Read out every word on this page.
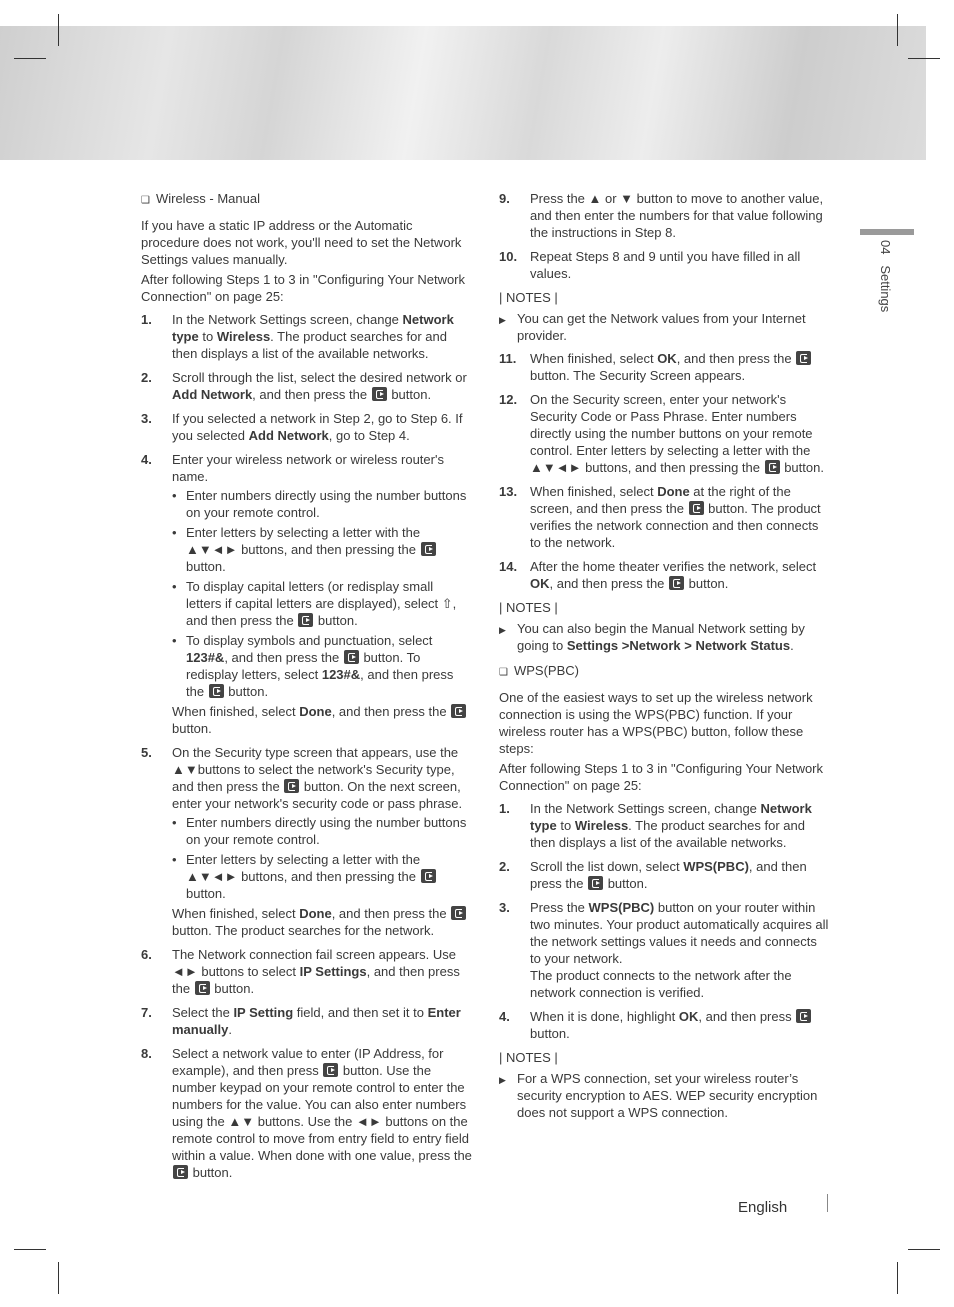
❑ Wireless - Manual

If you have a static IP address or the Automatic procedure does not work, you'll need to set the Network Settings values manually.

After following Steps 1 to 3 in "Configuring Your Network Connection" on page 25:

1.	In the Network Settings screen, change Network type to Wireless. The product searches for and then displays a list of the available networks.
2.	Scroll through the list, select the desired network or Add Network, and then press the  button.
3.	If you selected a network in Step 2, go to Step 6. If you selected Add Network, go to Step 4.
4.	Enter your wireless network or wireless router's name.
• Enter numbers directly using the number buttons on your remote control.
• Enter letters by selecting a letter with the ▲▼◄► buttons, and then pressing the  button.
• To display capital letters (or redisplay small letters if capital letters are displayed), select ⇧, and then press the  button.
• To display symbols and punctuation, select 123#&, and then press the  button. To redisplay letters, select 123#&, and then press the  button.
When finished, select Done, and then press the  button.
5.	On the Security type screen that appears, use the ▲▼buttons to select the network's Security type, and then press the  button. On the next screen, enter your network's security code or pass phrase.
• Enter numbers directly using the number buttons on your remote control.
• Enter letters by selecting a letter with the ▲▼◄► buttons, and then pressing the  button.
When finished, select Done, and then press the  button. The product searches for the network.
6.	The Network connection fail screen appears. Use ◄► buttons to select IP Settings, and then press the  button.
7.	Select the IP Setting field, and then set it to Enter manually.
8.	Select a network value to enter (IP Address, for example), and then press  button. Use the number keypad on your remote control to enter the numbers for the value. You can also enter numbers using the ▲▼ buttons. Use the ◄► buttons on the remote control to move from entry field to entry field within a value. When done with one value, press the  button.
9.	Press the ▲ or ▼ button to move to another value, and then enter the numbers for that value following the instructions in Step 8.
10. Repeat Steps 8 and 9 until you have filled in all values.
| NOTES |
▶ You can get the Network values from your Internet provider.
11.	When finished, select OK, and then press the  button. The Security Screen appears.
12. On the Security screen, enter your network's Security Code or Pass Phrase. Enter numbers directly using the number buttons on your remote control. Enter letters by selecting a letter with the ▲▼◄► buttons, and then pressing the  button.
13. When finished, select Done at the right of the screen, and then press the  button. The product verifies the network connection and then connects to the network.
14. After the home theater verifies the network, select OK, and then press the  button.
| NOTES |
▶ You can also begin the Manual Network setting by going to Settings >Network > Network Status.
❑ WPS(PBC)

One of the easiest ways to set up the wireless network connection is using the WPS(PBC) function. If your wireless router has a WPS(PBC) button, follow these steps:

After following Steps 1 to 3 in "Configuring Your Network Connection" on page 25:

1.	In the Network Settings screen, change Network type to Wireless. The product searches for and then displays a list of the available networks.
2.	Scroll the list down, select WPS(PBC), and then press the  button.
3.	Press the WPS(PBC) button on your router within two minutes. Your product automatically acquires all the network settings values it needs and connects to your network.
The product connects to the network after the network connection is verified.
4.	When it is done, highlight OK, and then press  button.
| NOTES |
▶ For a WPS connection, set your wireless router’s security encryption to AES. WEP security encryption does not support a WPS connection.
04   Settings
English
